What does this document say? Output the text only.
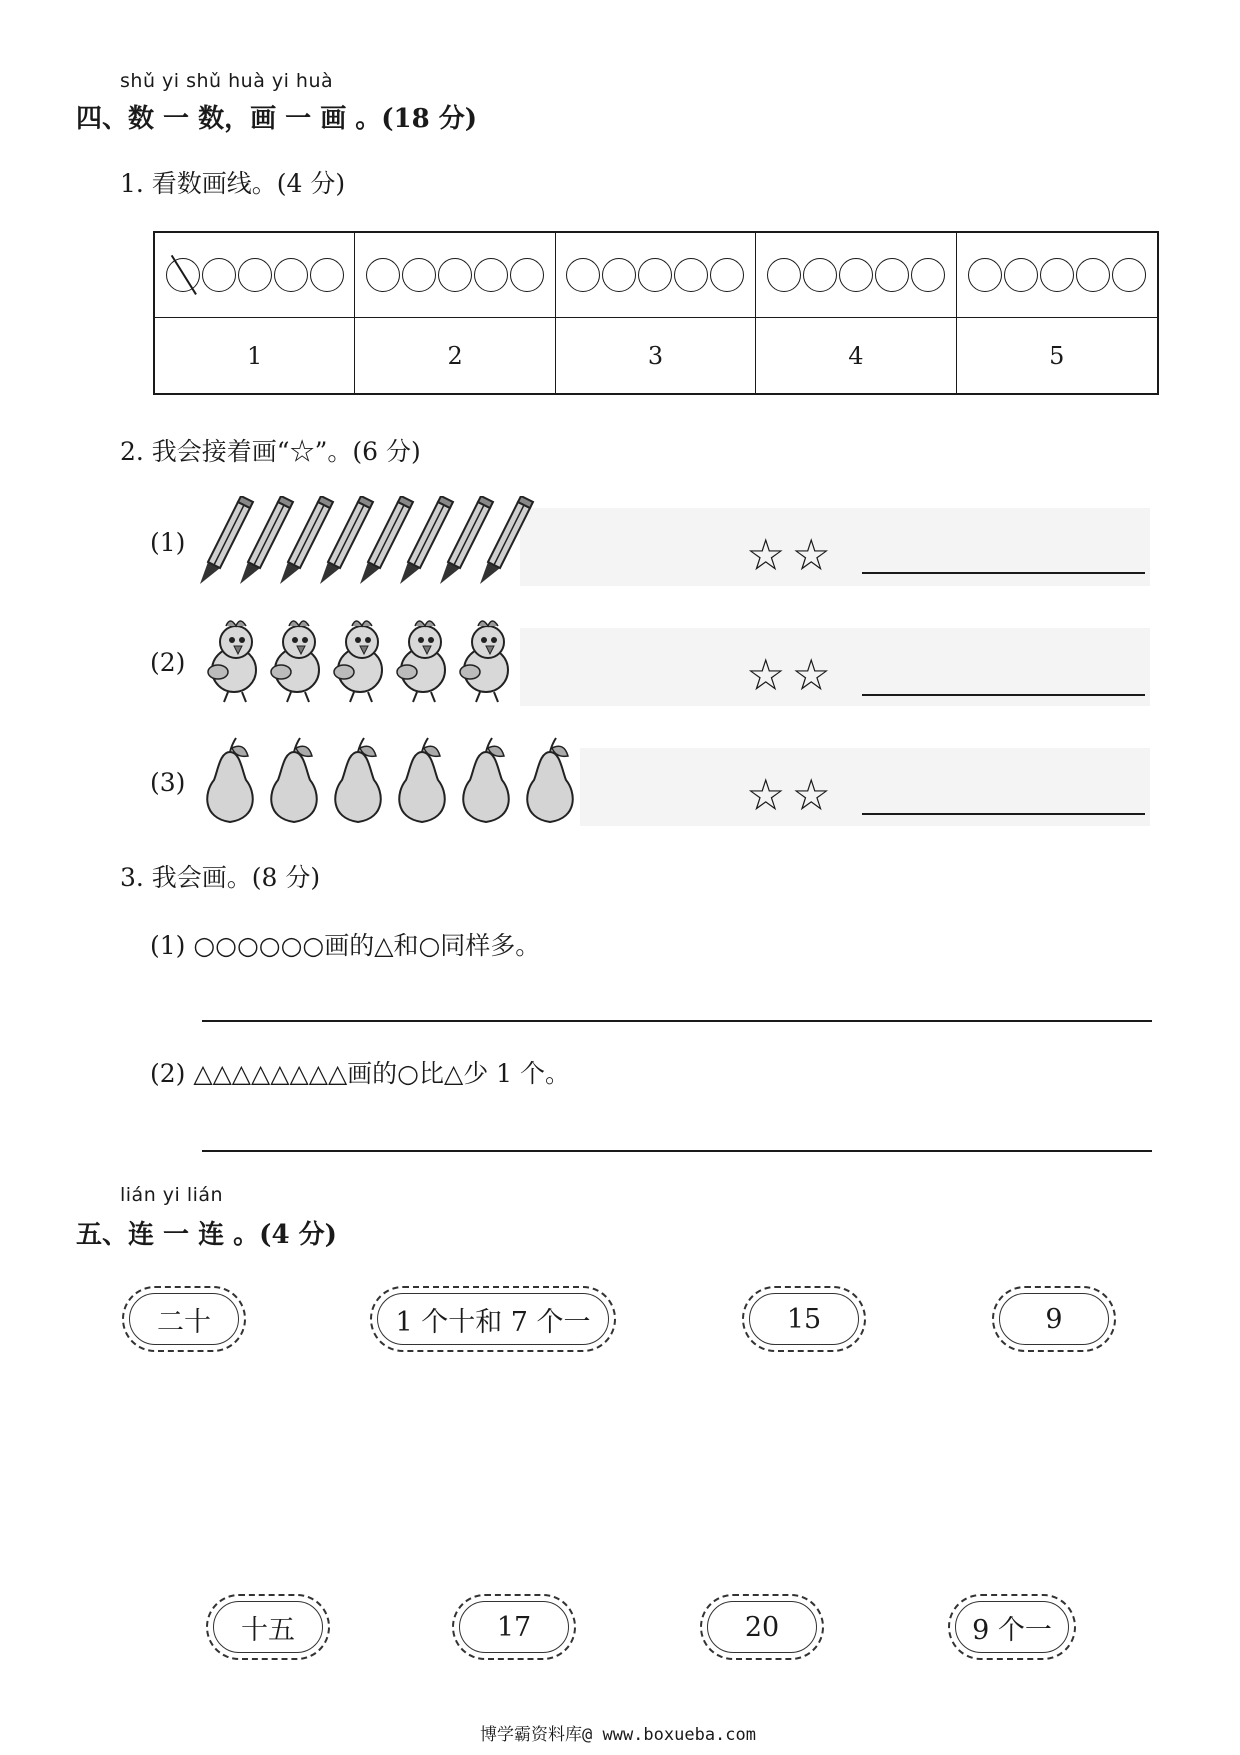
shǔ yi shǔ huà yi huà
四、数 一 数，画 一 画 。(18 分)
1. 看数画线。(4 分)
1	2	3	4	5
2. 我会接着画“☆”。(6 分)
(1)	☆☆
(2)	☆☆
(3)	☆☆
3. 我会画。(8 分)
(1) ○○○○○○画的△和○同样多。
(2) △△△△△△△△画的○比△少 1 个。
lián yi lián
五、连 一 连 。(4 分)
二十	1 个十和 7 个一	15	9
十五	17	20	9 个一
博学霸资料库@ www.boxueba.com
